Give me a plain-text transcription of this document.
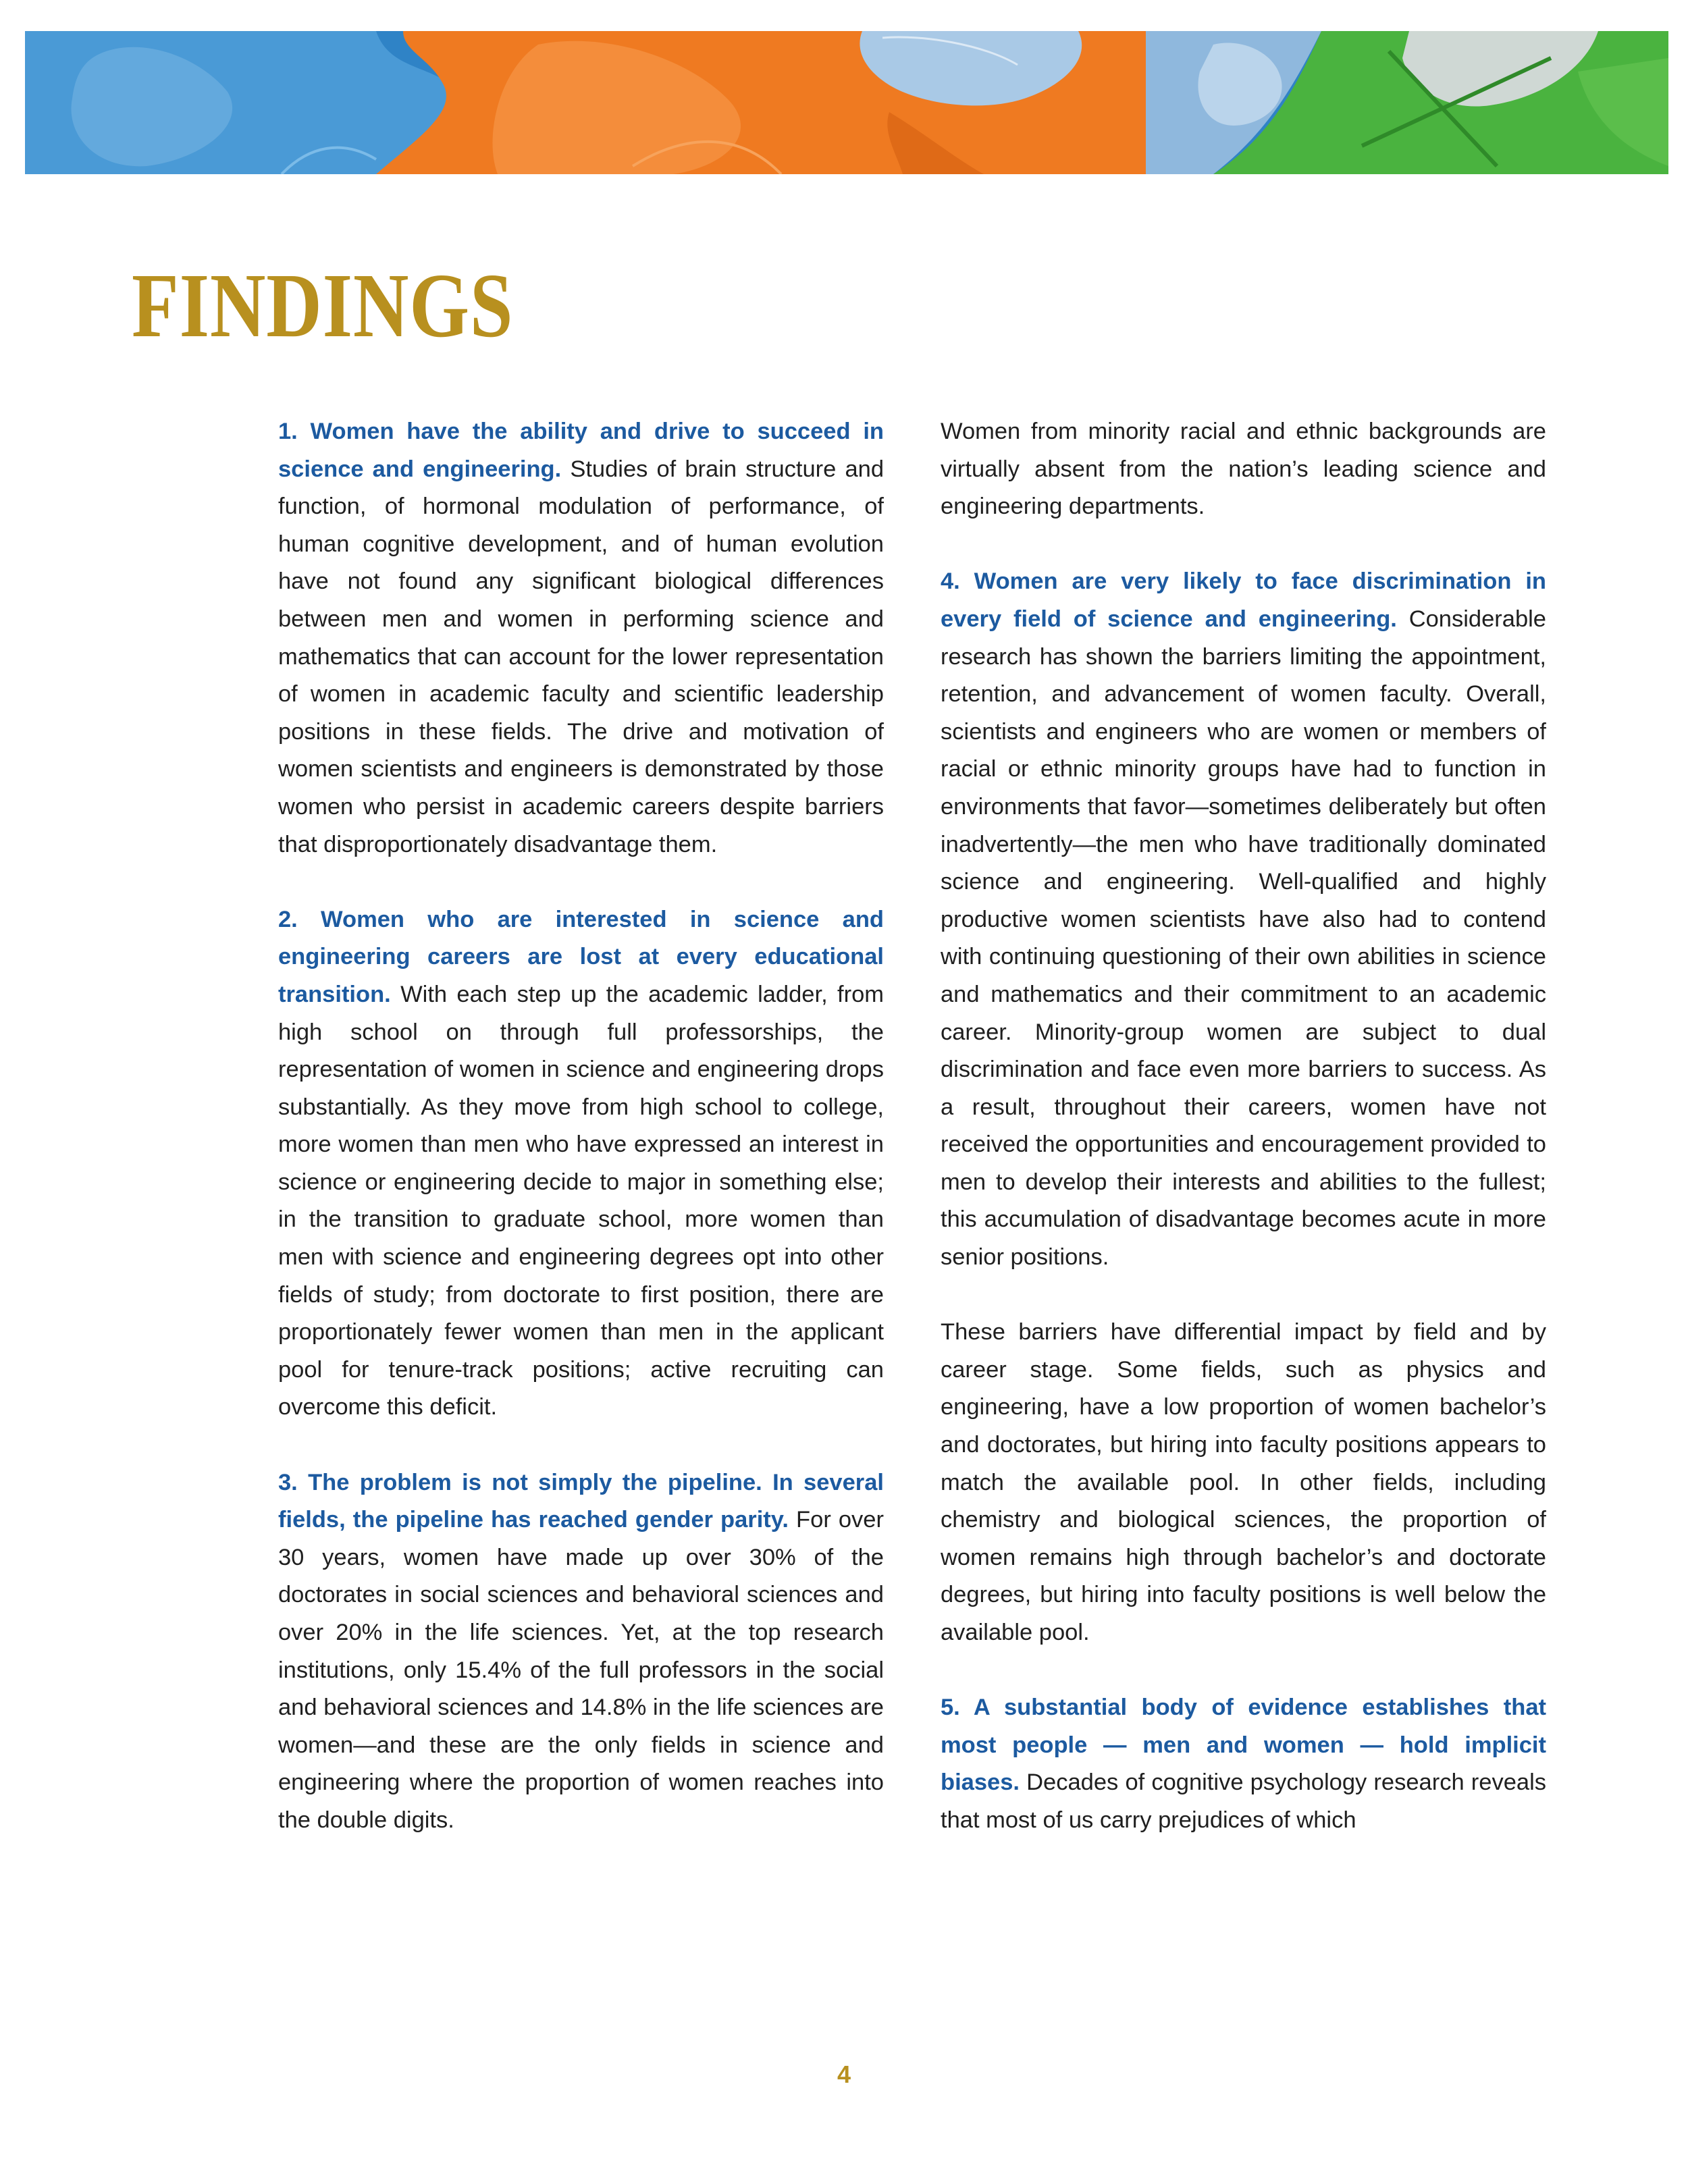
FINDINGS

1. Women have the ability and drive to succeed in science and engineering. Studies of brain structure and function, of hormonal modulation of performance, of human cognitive development, and of human evolution have not found any significant biological differences between men and women in performing science and mathematics that can account for the lower representation of women in academic faculty and scientific leadership positions in these fields. The drive and motivation of women scientists and engineers is demonstrated by those women who persist in academic careers despite barriers that disproportionately disadvantage them.

2. Women who are interested in science and engineering careers are lost at every educational transition. With each step up the academic ladder, from high school on through full professorships, the representation of women in science and engineering drops substantially. As they move from high school to college, more women than men who have expressed an interest in science or engineering decide to major in something else; in the transition to graduate school, more women than men with science and engineering degrees opt into other fields of study; from doctorate to first position, there are proportionately fewer women than men in the applicant pool for tenure-track positions; active recruiting can overcome this deficit.

3. The problem is not simply the pipeline. In several fields, the pipeline has reached gender parity. For over 30 years, women have made up over 30% of the doctorates in social sciences and behavioral sciences and over 20% in the life sciences. Yet, at the top research institutions, only 15.4% of the full professors in the social and behavioral sciences and 14.8% in the life sciences are women—and these are the only fields in science and engineering where the proportion of women reaches into the double digits.

Women from minority racial and ethnic backgrounds are virtually absent from the nation’s leading science and engineering departments.

4. Women are very likely to face discrimination in every field of science and engineering. Considerable research has shown the barriers limiting the appointment, retention, and advancement of women faculty. Overall, scientists and engineers who are women or members of racial or ethnic minority groups have had to function in environments that favor—sometimes deliberately but often inadvertently—the men who have traditionally dominated science and engineering. Well-qualified and highly productive women scientists have also had to contend with continuing questioning of their own abilities in science and mathematics and their commitment to an academic career. Minority-group women are subject to dual discrimination and face even more barriers to success. As a result, throughout their careers, women have not received the opportunities and encouragement provided to men to develop their interests and abilities to the fullest; this accumulation of disadvantage becomes acute in more senior positions.

These barriers have differential impact by field and by career stage. Some fields, such as physics and engineering, have a low proportion of women bachelor’s and doctorates, but hiring into faculty positions appears to match the available pool. In other fields, including chemistry and biological sciences, the proportion of women remains high through bachelor’s and doctorate degrees, but hiring into faculty positions is well below the available pool.

5. A substantial body of evidence establishes that most people — men and women — hold implicit biases. Decades of cognitive psychology research reveals that most of us carry prejudices of which

4
